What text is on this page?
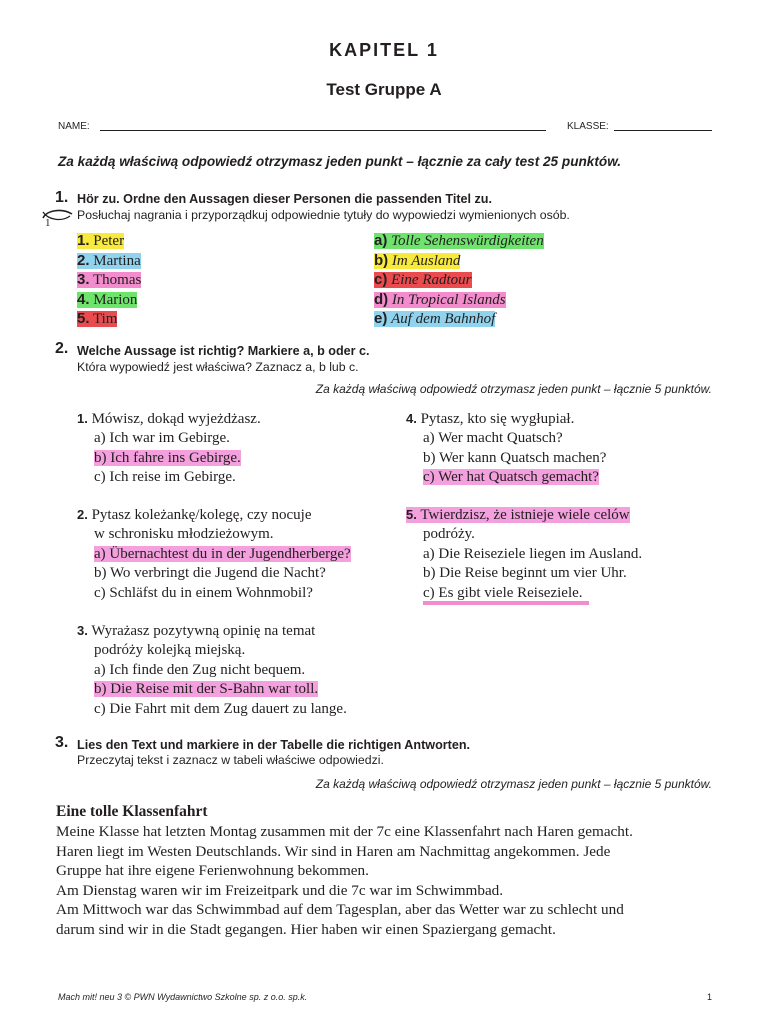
KAPITEL 1
Test Gruppe A
NAME:	KLASSE:
Za każdą właściwą odpowiedź otrzymasz jeden punkt – łącznie za cały test 25 punktów.
1. Hör zu. Ordne den Aussagen dieser Personen die passenden Titel zu.
Posłuchaj nagrania i przyporządkuj odpowiednie tytuły do wypowiedzi wymienionych osób.
1
1. Peter
2. Martina
3. Thomas
4. Marion
5. Tim
a) Tolle Sehenswürdigkeiten
b) Im Ausland
c) Eine Radtour
d) In Tropical Islands
e) Auf dem Bahnhof
2. Welche Aussage ist richtig? Markiere a, b oder c.
Która wypowiedź jest właściwa? Zaznacz a, b lub c.
Za każdą właściwą odpowiedź otrzymasz jeden punkt – łącznie 5 punktów.
1. Mówisz, dokąd wyjeżdżasz.
a) Ich war im Gebirge.
b) Ich fahre ins Gebirge.
c) Ich reise im Gebirge.
2. Pytasz koleżankę/kolegę, czy nocuje
w schronisku młodzieżowym.
a) Übernachtest du in der Jugendherberge?
b) Wo verbringt die Jugend die Nacht?
c) Schläfst du in einem Wohnmobil?
3. Wyrażasz pozytywną opinię na temat
podróży kolejką miejską.
a) Ich finde den Zug nicht bequem.
b) Die Reise mit der S-Bahn war toll.
c) Die Fahrt mit dem Zug dauert zu lange.
4. Pytasz, kto się wygłupiał.
a) Wer macht Quatsch?
b) Wer kann Quatsch machen?
c) Wer hat Quatsch gemacht?
5. Twierdzisz, że istnieje wiele celów
podróży.
a) Die Reiseziele liegen im Ausland.
b) Die Reise beginnt um vier Uhr.
c) Es gibt viele Reiseziele.
3. Lies den Text und markiere in der Tabelle die richtigen Antworten.
Przeczytaj tekst i zaznacz w tabeli właściwe odpowiedzi.
Za każdą właściwą odpowiedź otrzymasz jeden punkt – łącznie 5 punktów.
Eine tolle Klassenfahrt
Meine Klasse hat letzten Montag zusammen mit der 7c eine Klassenfahrt nach Haren gemacht.
Haren liegt im Westen Deutschlands. Wir sind in Haren am Nachmittag angekommen. Jede
Gruppe hat ihre eigene Ferienwohnung bekommen.
Am Dienstag waren wir im Freizeitpark und die 7c war im Schwimmbad.
Am Mittwoch war das Schwimmbad auf dem Tagesplan, aber das Wetter war zu schlecht und
darum sind wir in die Stadt gegangen. Hier haben wir einen Spaziergang gemacht.
Mach mit! neu 3 © PWN Wydawnictwo Szkolne sp. z o.o. sp.k.	1
